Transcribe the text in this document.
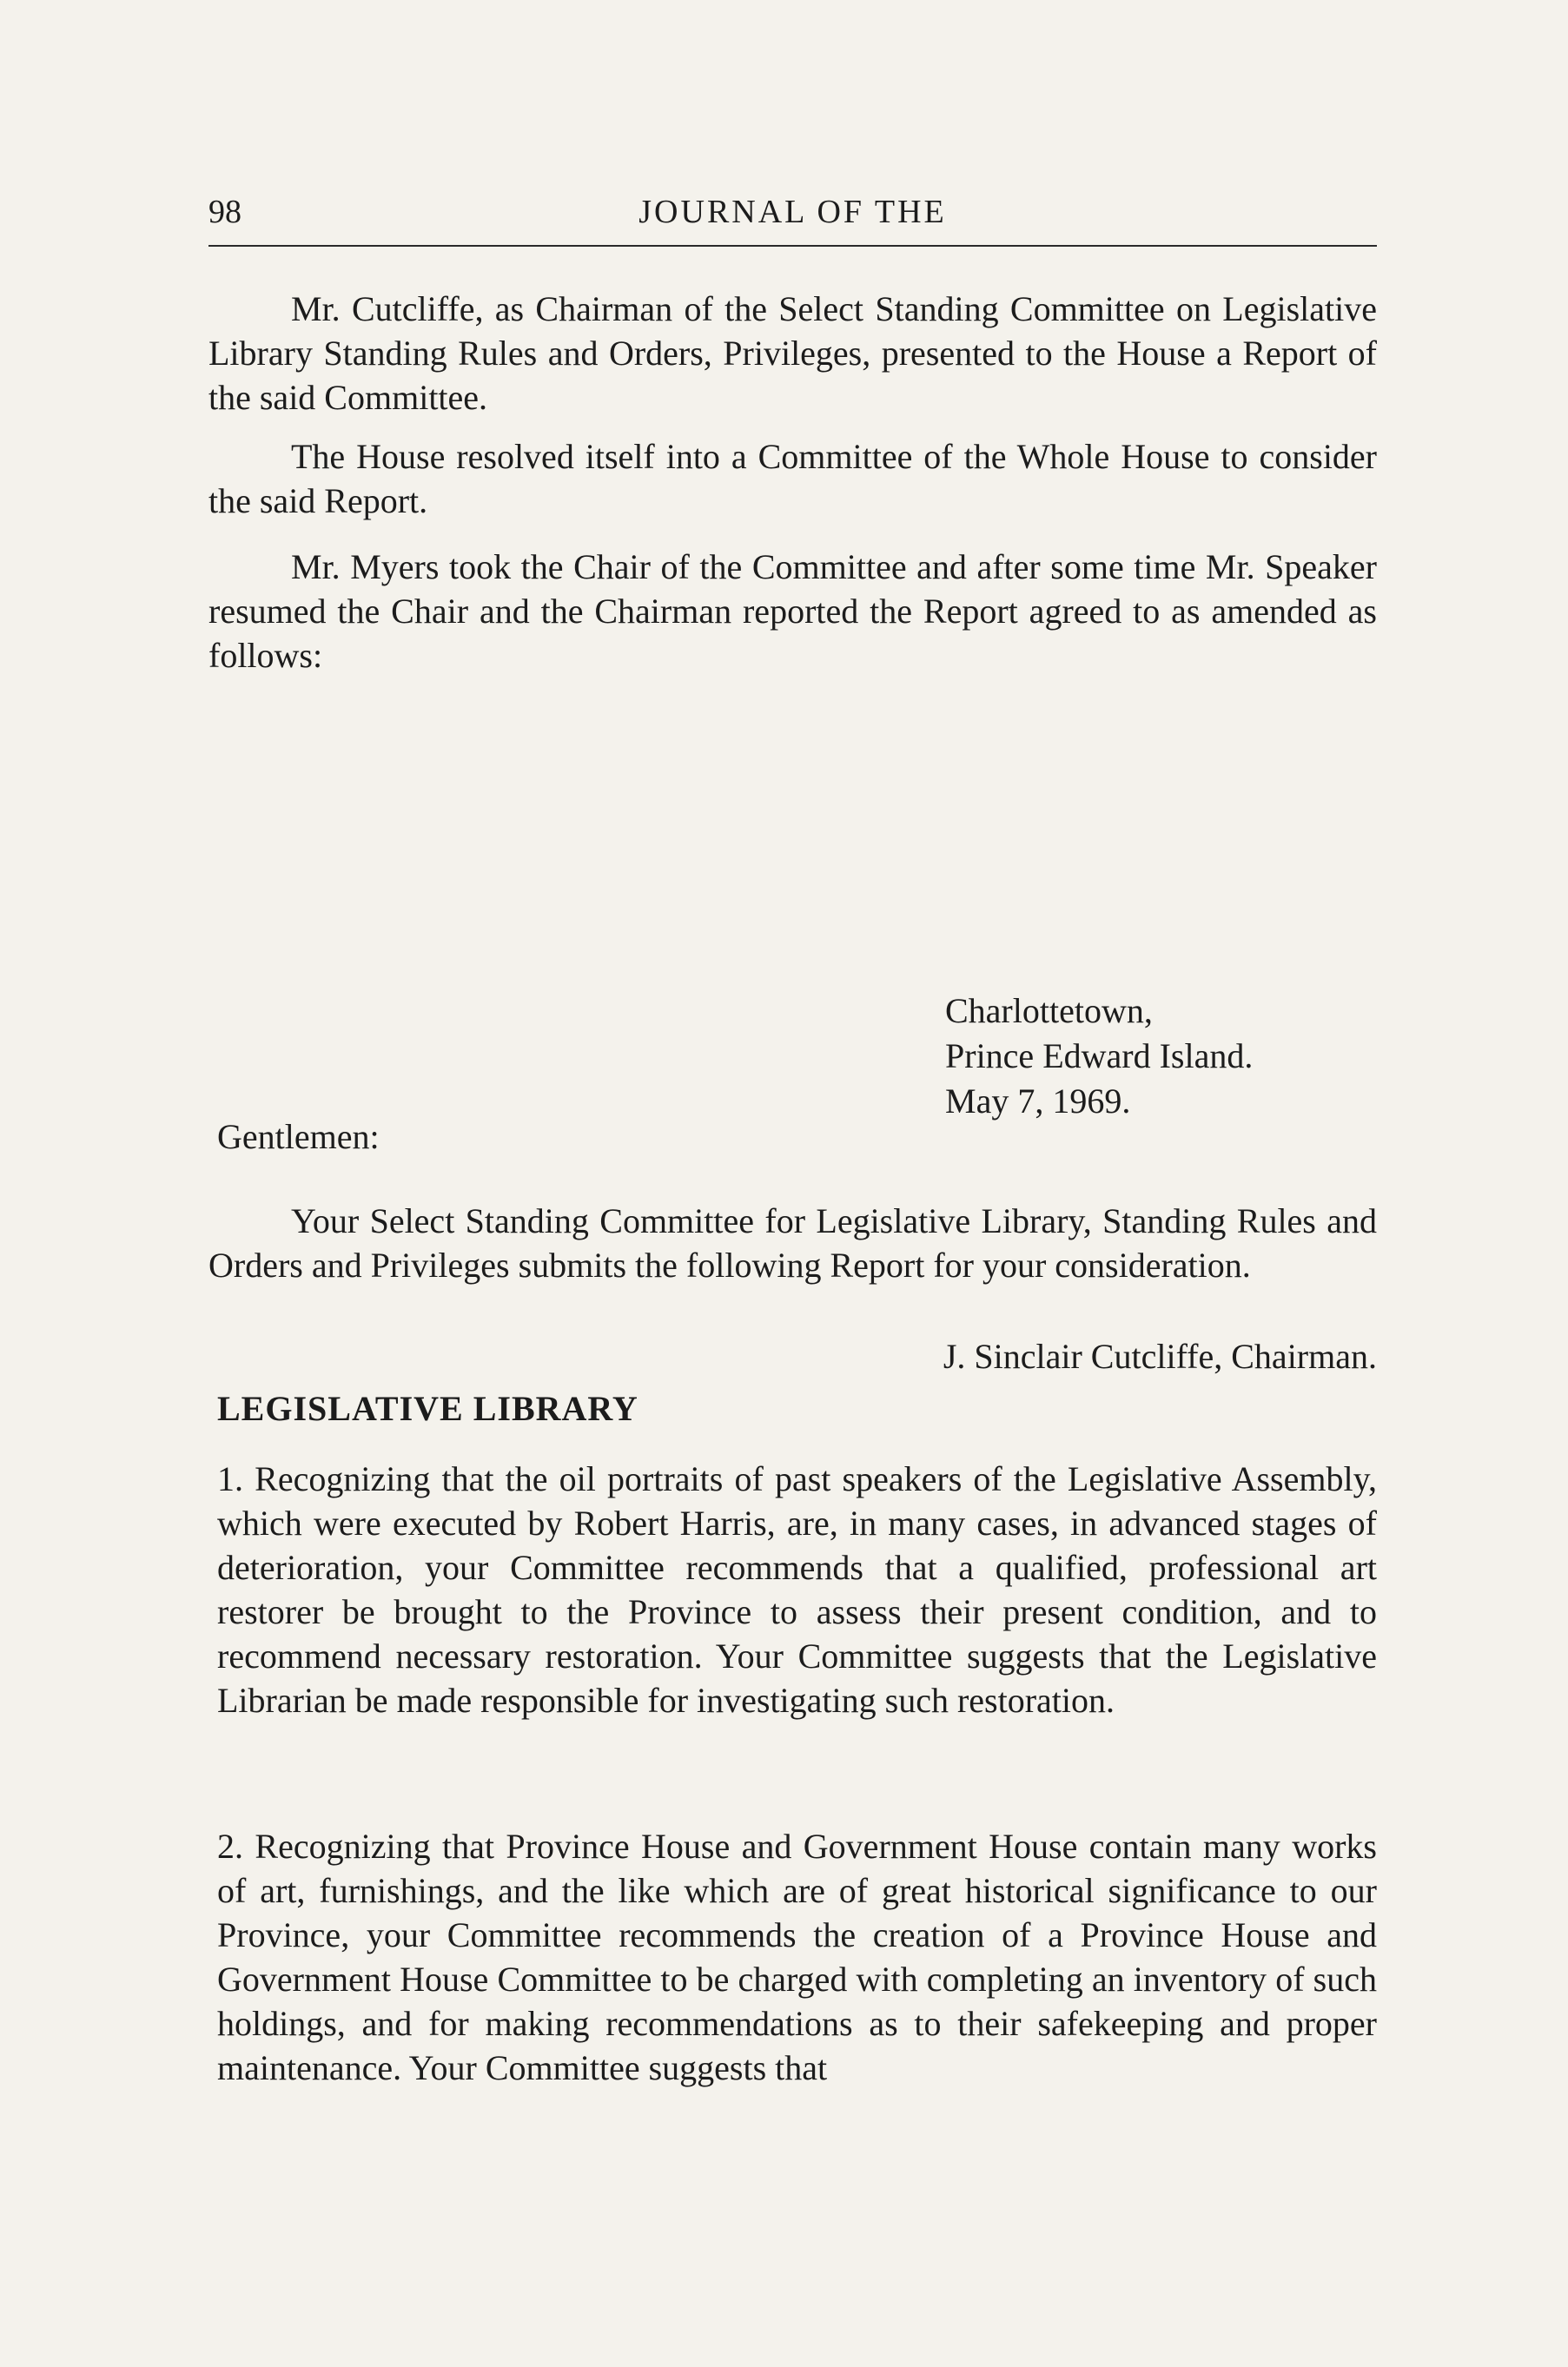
98	JOURNAL OF THE

Mr. Cutcliffe, as Chairman of the Select Standing Committee on Legislative Library Standing Rules and Orders, Privileges, presented to the House a Report of the said Committee.

The House resolved itself into a Committee of the Whole House to consider the said Report.

Mr. Myers took the Chair of the Committee and after some time Mr. Speaker resumed the Chair and the Chairman reported the Report agreed to as amended as follows:

Charlottetown,
Prince Edward Island.
May 7, 1969.
Gentlemen:

Your Select Standing Committee for Legislative Library, Standing Rules and Orders and Privileges submits the following Report for your consideration.

J. Sinclair Cutcliffe, Chairman.
LEGISLATIVE LIBRARY

1. Recognizing that the oil portraits of past speakers of the Legislative Assembly, which were executed by Robert Harris, are, in many cases, in advanced stages of deterioration, your Committee recommends that a qualified, professional art restorer be brought to the Province to assess their present condition, and to recommend necessary restoration. Your Committee suggests that the Legislative Librarian be made responsible for investigating such restoration.

2. Recognizing that Province House and Government House contain many works of art, furnishings, and the like which are of great historical significance to our Province, your Committee recommends the creation of a Province House and Government House Committee to be charged with completing an inventory of such holdings, and for making recommendations as to their safekeeping and proper maintenance. Your Committee suggests that
